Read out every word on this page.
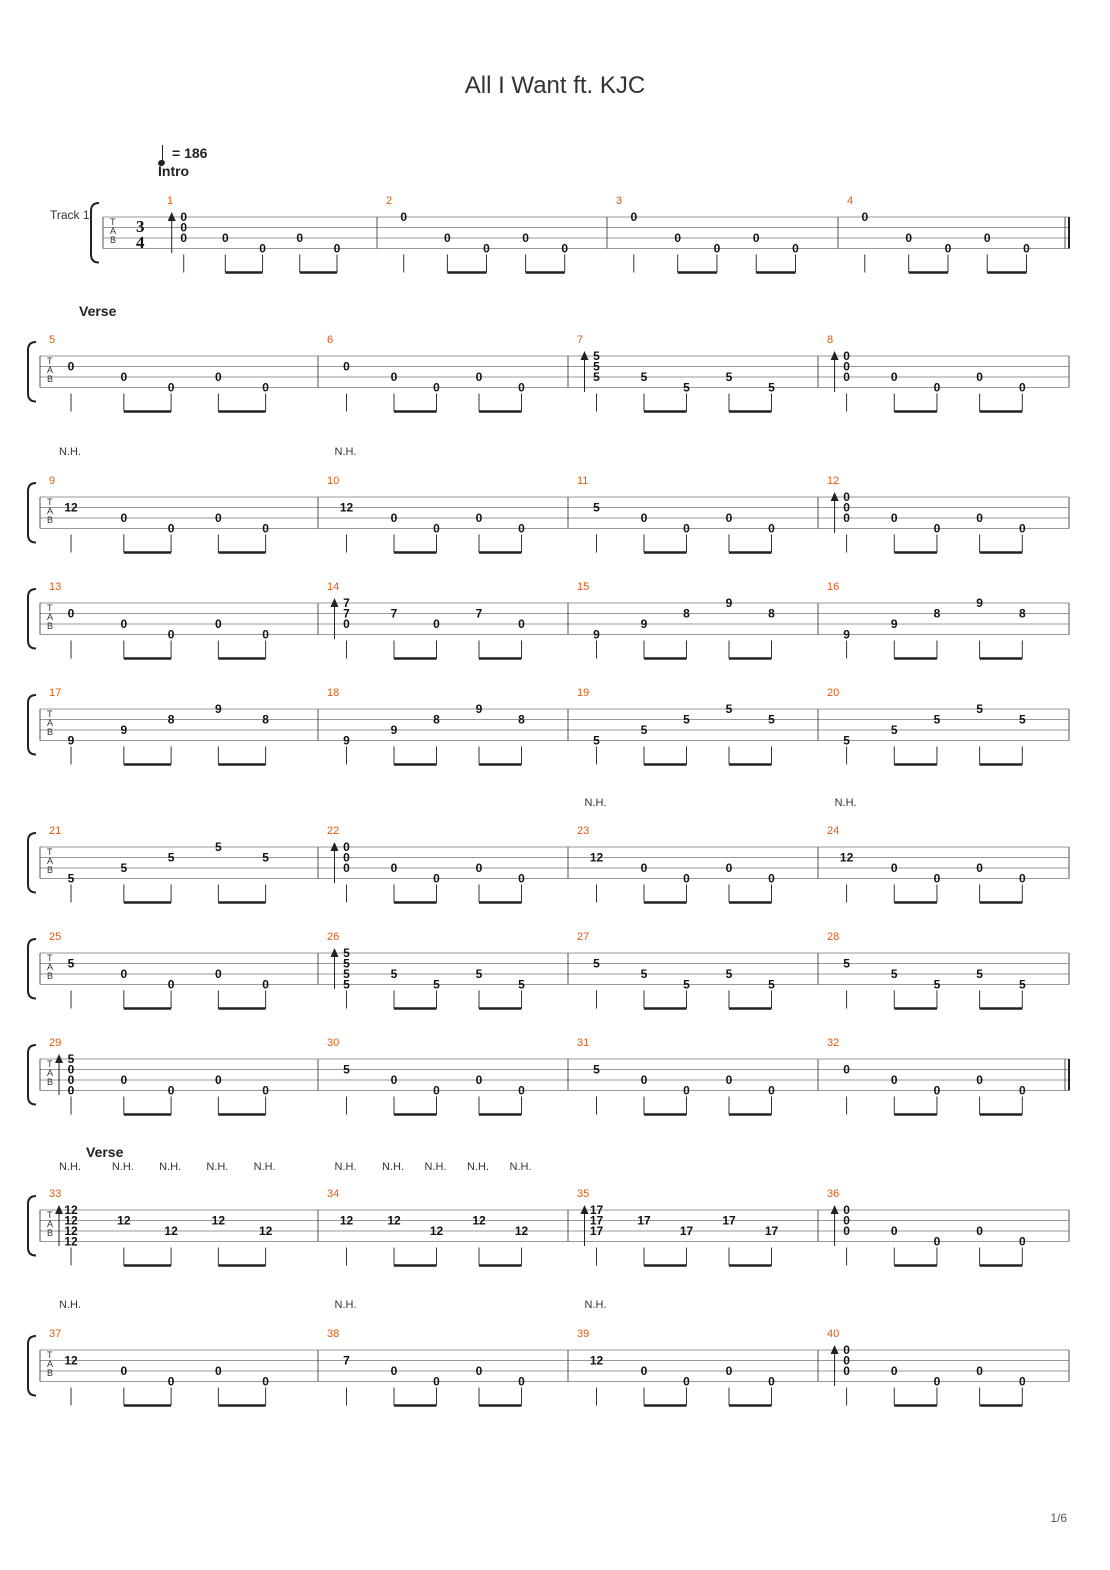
All I Want ft. KJC
= 186
T
A
B
Track 1
3
4
Intro
1
0
0
0	0
0
0
0
2
0
0
0
0
0
3
0
0
0
0
0
4
0
0
0
0
0
T
A
B
Verse
5
0
0
0
0
0
6
0
0
0
0
0
7
5
5
5	5
5
5
5
8
0
0
0	0
0
0
0
T
A
B
9
12
0
0
0
0
10
12
0
0
0
0
11
5
0
0
0
0
12
0
0
0	0
0
0
0
N.H.	N.H.
T
A
B
13
0
0
0
0
0
14
7
7
0
7
0
7
0
15
9
9
8
9
8
16
9
9
8
9
8
T
A
B
17
9
9
8
9
8
18
9
9
8
9
8
19
5
5
5
5
5
20
5
5
5
5
5
T
A
B
21
5
5
5
5
5
22
0
0
0	0
0
0
0
23
12
0
0
0
0
24
12
0
0
0
0
N.H.	N.H.
T
A
B
25
5
0
0
0
0
26
5
5
5
5
5
5
5
5
27
5
5
5
5
5
28
5
5
5
5
5
T
A
B
29
5
0
0
0
0
0
0
0
30
5
0
0
0
0
31
5
0
0
0
0
32
0
0
0
0
0
T
A
B
Verse
33
12
12
12
12
12
12
12
12
34
12	12
12
12
12
35
17
17
17
17
17
17
17
36
0
0
0	0
0
0
0
N.H.	N.H. N.H. N.H. N.H.	N.H. N.H. N.H. N.H. N.H.
T
A
B
37
12
0
0
0
0
38
7
0
0
0
0
39
12
0
0
0
0
40
0
0
0	0
0
0
0
N.H.	N.H.	N.H.
1/6
